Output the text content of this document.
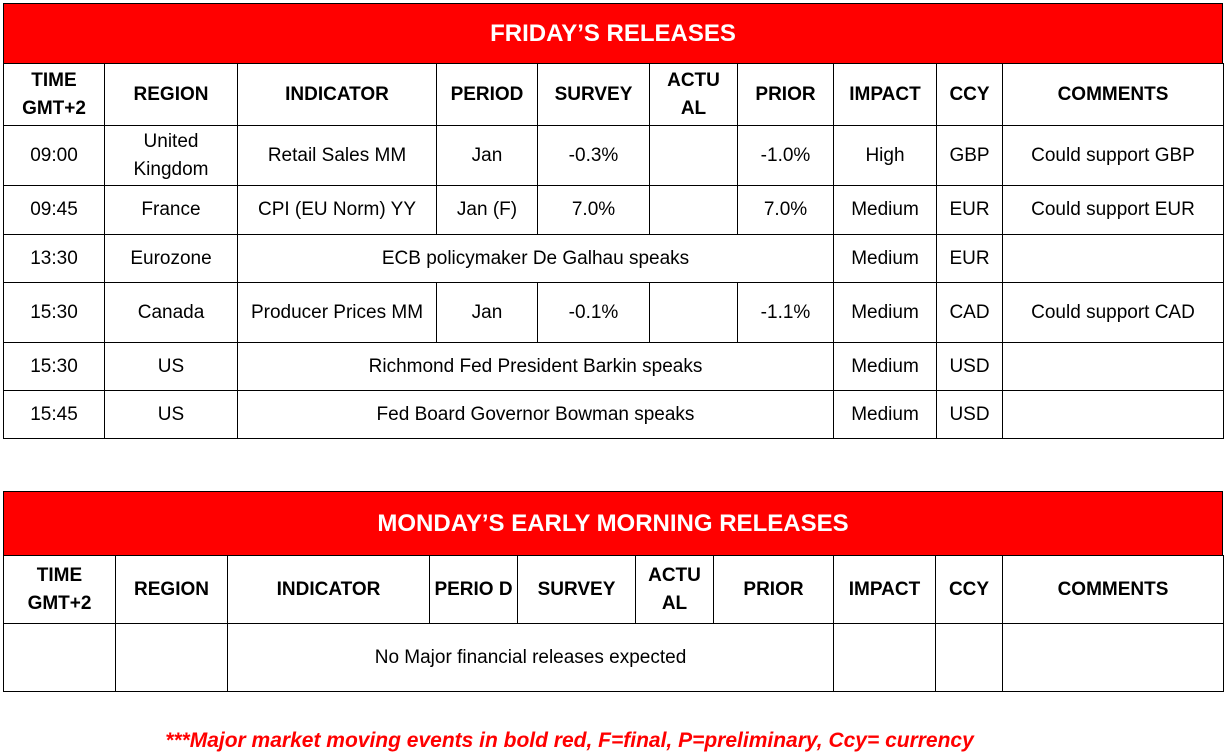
FRIDAY’S RELEASES
TIME GMT+2	REGION	INDICATOR	PERIOD	SURVEY	ACTU AL	PRIOR	IMPACT	CCY	COMMENTS
09:00	United Kingdom	Retail Sales MM	Jan	-0.3%		-1.0%	High	GBP	Could support GBP
09:45	France	CPI (EU Norm) YY	Jan (F)	7.0%		7.0%	Medium	EUR	Could support EUR
13:30	Eurozone	ECB policymaker De Galhau speaks					Medium	EUR	
15:30	Canada	Producer Prices MM	Jan	-0.1%		-1.1%	Medium	CAD	Could support CAD
15:30	US	Richmond Fed President Barkin speaks					Medium	USD	
15:45	US	Fed Board Governor Bowman speaks					Medium	USD	
MONDAY’S EARLY MORNING RELEASES
TIME GMT+2	REGION	INDICATOR	PERIO D	SURVEY	ACTU AL	PRIOR	IMPACT	CCY	COMMENTS
		No Major financial releases expected							
***Major market moving events in bold red, F=final, P=preliminary, Ccy= currency
